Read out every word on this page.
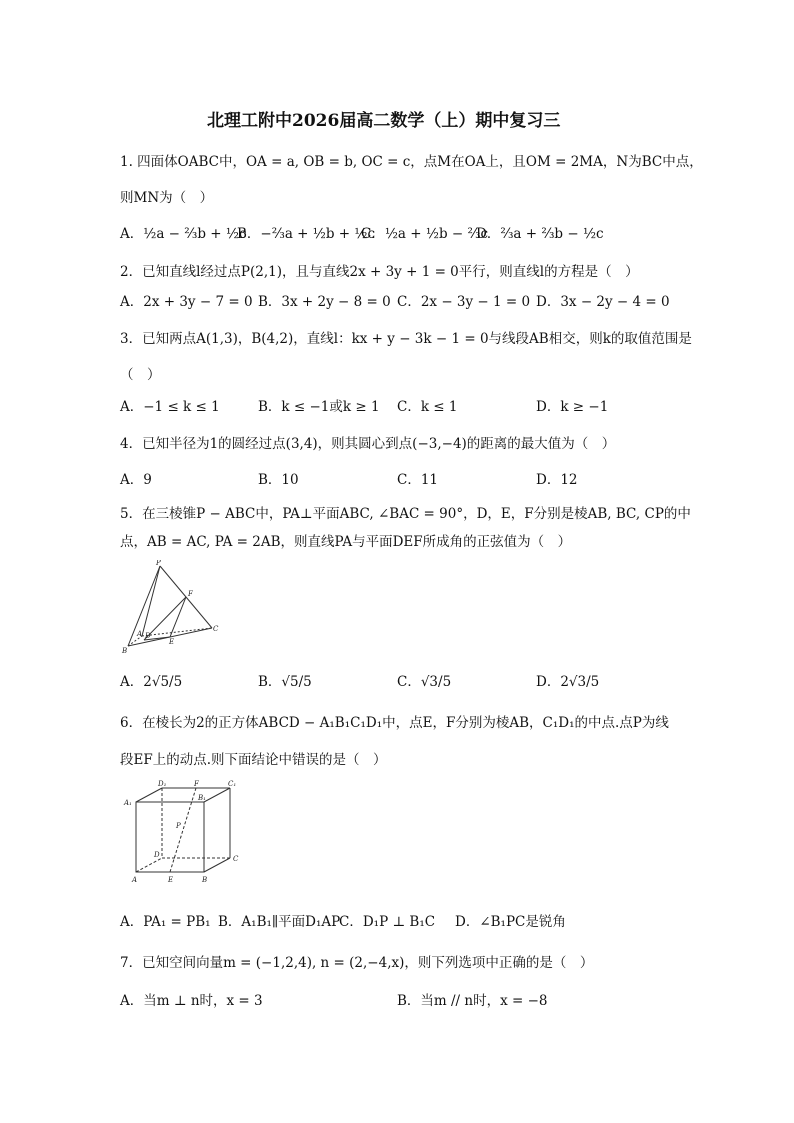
北理工附中2026届高二数学（上）期中复习三
1. 四面体OABC中，OA = a, OB = b, OC = c，点M在OA上，且OM = 2MA，N为BC中点，
则MN为（　）
A．½a − ⅔b + ½c
B．−⅔a + ½b + ½c
C．½a + ½b − ⅔c
D．⅔a + ⅔b − ½c
2．已知直线l经过点P(2,1)，且与直线2x + 3y + 1 = 0平行，则直线l的方程是（　）
A．2x + 3y − 7 = 0 B．3x + 2y − 8 = 0 C．2x − 3y − 1 = 0 D．3x − 2y − 4 = 0
3．已知两点A(1,3)，B(4,2)，直线l：kx + y − 3k − 1 = 0与线段AB相交，则k的取值范围是
（　）
A．−1 ≤ k ≤ 1	B．k ≤ −1或k ≥ 1 C．k ≤ 1	D．k ≥ −1
4．已知半径为1的圆经过点(3,4)，则其圆心到点(−3,−4)的距离的最大值为（　）
A．9	B．10	C．11	D．12
5．在三棱锥P − ABC中，PA⊥平面ABC, ∠BAC = 90°，D，E，F分别是棱AB, BC, CP的中
点，AB = AC, PA = 2AB，则直线PA与平面DEF所成角的正弦值为（　）
P
F
A D
E
B
C
A．2√5/5	B．√5/5	C．√3/5	D．2√3/5
6．在棱长为2的正方体ABCD − A₁B₁C₁D₁中，点E，F分别为棱AB，C₁D₁的中点.点P为线
段EF上的动点.则下面结论中错误的是（　）
D₁	F	C₁
A₁
B₁
P
D	C
A	E	B
A．PA₁ = PB₁ B．A₁B₁∥平面D₁AP
C．D₁P ⊥ B₁C D．∠B₁PC是锐角
7．已知空间向量m = (−1,2,4), n = (2,−4,x)，则下列选项中正确的是（　）
A．当m ⊥ n时，x = 3	B．当m // n时，x = −8
